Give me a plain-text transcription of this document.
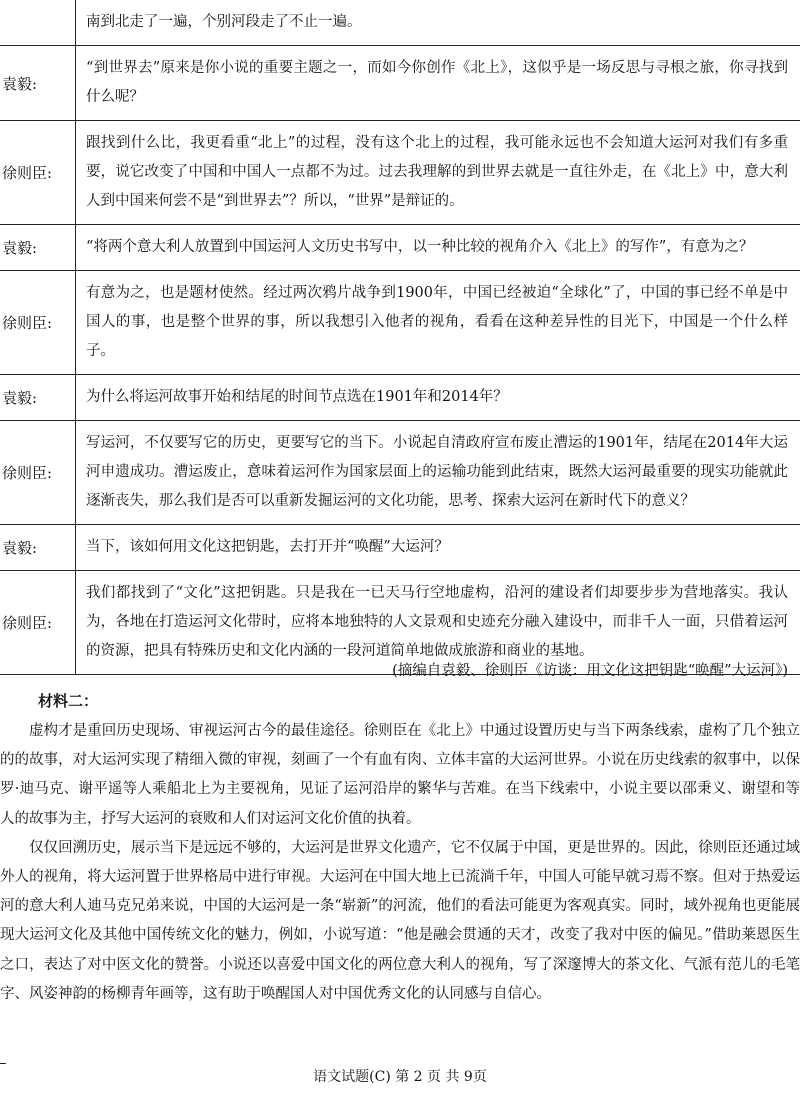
	南到北走了一遍，个别河段走了不止一遍。
袁毅:	“到世界去”原来是你小说的重要主题之一，而如今你创作《北上》，这似乎是一场反思与寻根之旅，你寻找到什么呢？
徐则臣:	跟找到什么比，我更看重“北上”的过程，没有这个北上的过程，我可能永远也不会知道大运河对我们有多重要，说它改变了中国和中国人一点都不为过。过去我理解的到世界去就是一直往外走，在《北上》中，意大利人到中国来何尝不是“到世界去”？所以，“世界”是辩证的。
袁毅:	“将两个意大利人放置到中国运河人文历史书写中，以一种比较的视角介入《北上》的写作”，有意为之？
徐则臣:	有意为之，也是题材使然。经过两次鸦片战争到1900年，中国已经被迫“全球化”了，中国的事已经不单是中国人的事，也是整个世界的事，所以我想引入他者的视角，看看在这种差异性的目光下，中国是一个什么样子。
袁毅:	为什么将运河故事开始和结尾的时间节点选在1901年和2014年？
徐则臣:	写运河，不仅要写它的历史，更要写它的当下。小说起自清政府宣布废止漕运的1901年，结尾在2014年大运河申遗成功。漕运废止，意味着运河作为国家层面上的运输功能到此结束，既然大运河最重要的现实功能就此逐渐丧失，那么我们是否可以重新发掘运河的文化功能，思考、探索大运河在新时代下的意义？
袁毅:	当下，该如何用文化这把钥匙，去打开并“唤醒”大运河？
徐则臣:	我们都找到了“文化”这把钥匙。只是我在一已天马行空地虚构，沿河的建设者们却要步步为营地落实。我认为，各地在打造运河文化带时，应将本地独特的人文景观和史迹充分融入建设中，而非千人一面，只借着运河的资源，把具有特殊历史和文化内涵的一段河道简单地做成旅游和商业的基地。
(摘编自袁毅、徐则臣《访谈：用文化这把钥匙“唤醒”大运河》)
材料二：

虚构才是重回历史现场、审视运河古今的最佳途径。徐则臣在《北上》中通过设置历史与当下两条线索，虚构了几个独立的的故事，对大运河实现了精细入微的审视，刻画了一个有血有肉、立体丰富的大运河世界。小说在历史线索的叙事中，以保罗·迪马克、谢平遥等人乘船北上为主要视角，见证了运河沿岸的繁华与苦难。在当下线索中，小说主要以邵秉义、谢望和等人的故事为主，抒写大运河的衰败和人们对运河文化价值的执着。

仅仅回溯历史，展示当下是远远不够的，大运河是世界文化遗产，它不仅属于中国，更是世界的。因此，徐则臣还通过域外人的视角，将大运河置于世界格局中进行审视。大运河在中国大地上已流淌千年，中国人可能早就习焉不察。但对于热爱运河的意大利人迪马克兄弟来说，中国的大运河是一条“崭新”的河流，他们的看法可能更为客观真实。同时，域外视角也更能展现大运河文化及其他中国传统文化的魅力，例如，小说写道：“他是融会贯通的天才，改变了我对中医的偏见。”借助莱恩医生之口，表达了对中医文化的赞誉。小说还以喜爱中国文化的两位意大利人的视角，写了深邃博大的茶文化、气派有范儿的毛笔字、风姿神韵的杨柳青年画等，这有助于唤醒国人对中国优秀文化的认同感与自信心。

语文试题(C) 第 2 页 共 9页
